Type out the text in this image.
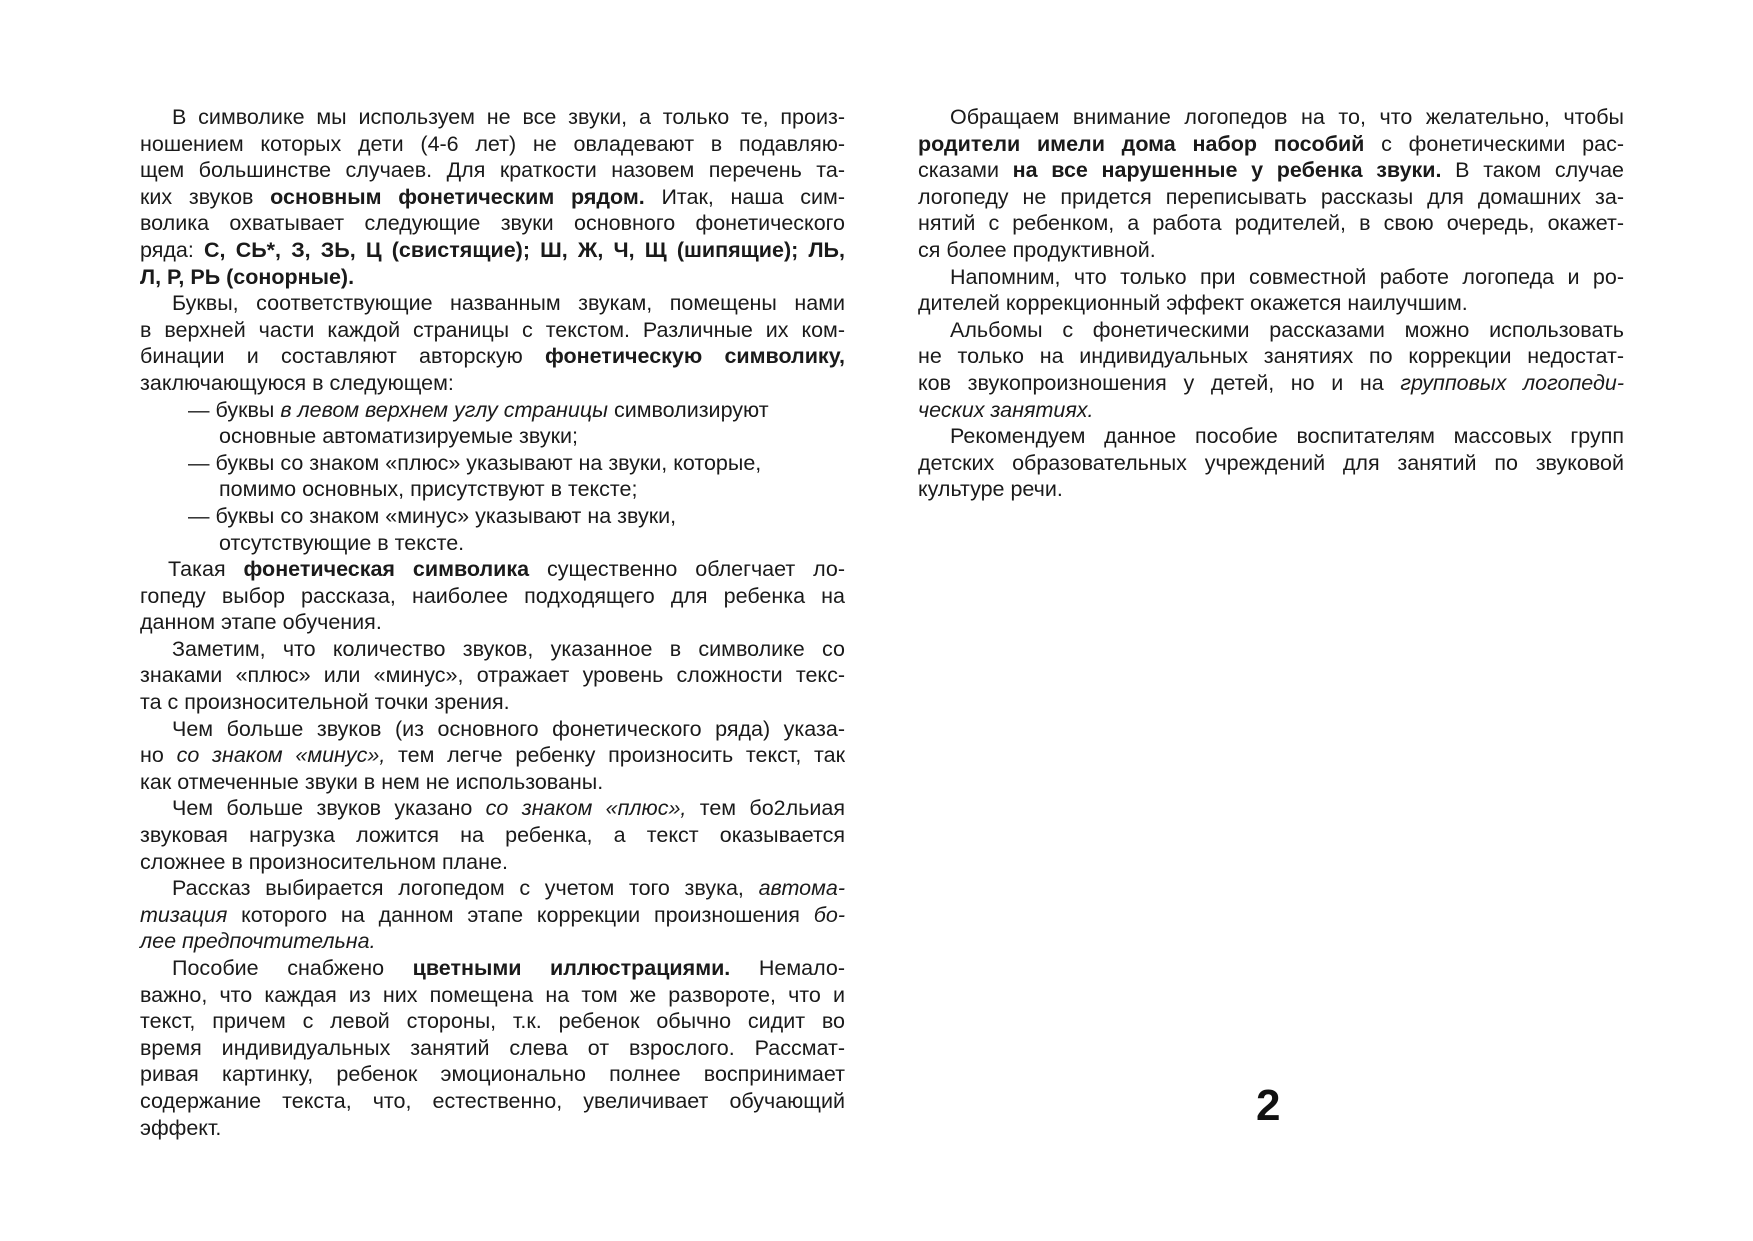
В символике мы используем не все звуки, а только те, произ-
ношением которых дети (4-6 лет) не овладевают в подавляю-
щем большинстве случаев. Для краткости назовем перечень та-
ких звуков основным фонетическим рядом. Итак, наша сим-
волика охватывает следующие звуки основного фонетического
ряда: С, СЬ*, З, ЗЬ, Ц (свистящие); Ш, Ж, Ч, Щ (шипящие); ЛЬ,
Л, Р, РЬ (сонорные).
Буквы, соответствующие названным звукам, помещены нами
в верхней части каждой страницы с текстом. Различные их ком-
бинации и составляют авторскую фонетическую символику,
заключающуюся в следующем:
— буквы в левом верхнем углу страницы символизируют
основные автоматизируемые звуки;
— буквы со знаком «плюс» указывают на звуки, которые,
помимо основных, присутствуют в тексте;
— буквы со знаком «минус» указывают на звуки,
отсутствующие в тексте.
Такая фонетическая символика существенно облегчает ло-
гопеду выбор рассказа, наиболее подходящего для ребенка на
данном этапе обучения.
Заметим, что количество звуков, указанное в символике со
знаками «плюс» или «минус», отражает уровень сложности текс-
та с произносительной точки зрения.
Чем больше звуков (из основного фонетического ряда) указа-
но со знаком «минус», тем легче ребенку произносить текст, так
как отмеченные звуки в нем не использованы.
Чем больше звуков указано со знаком «плюс», тем бо2льиая
звуковая нагрузка ложится на ребенка, а текст оказывается
сложнее в произносительном плане.
Рассказ выбирается логопедом с учетом того звука, автома-
тизация которого на данном этапе коррекции произношения бо-
лее предпочтительна.
Пособие снабжено цветными иллюстрациями. Немало-
важно, что каждая из них помещена на том же развороте, что и
текст, причем с левой стороны, т.к. ребенок обычно сидит во
время индивидуальных занятий слева от взрослого. Рассмат-
ривая картинку, ребенок эмоционально полнее воспринимает
содержание текста, что, естественно, увеличивает обучающий
эффект.
Обращаем внимание логопедов на то, что желательно, чтобы
родители имели дома набор пособий с фонетическими рас-
сказами на все нарушенные у ребенка звуки. В таком случае
логопеду не придется переписывать рассказы для домашних за-
нятий с ребенком, а работа родителей, в свою очередь, окажет-
ся более продуктивной.
Напомним, что только при совместной работе логопеда и ро-
дителей коррекционный эффект окажется наилучшим.
Альбомы с фонетическими рассказами можно использовать
не только на индивидуальных занятиях по коррекции недостат-
ков звукопроизношения у детей, но и на групповых логопеди-
ческих занятиях.
Рекомендуем данное пособие воспитателям массовых групп
детских образовательных учреждений для занятий по звуковой
культуре речи.
2
